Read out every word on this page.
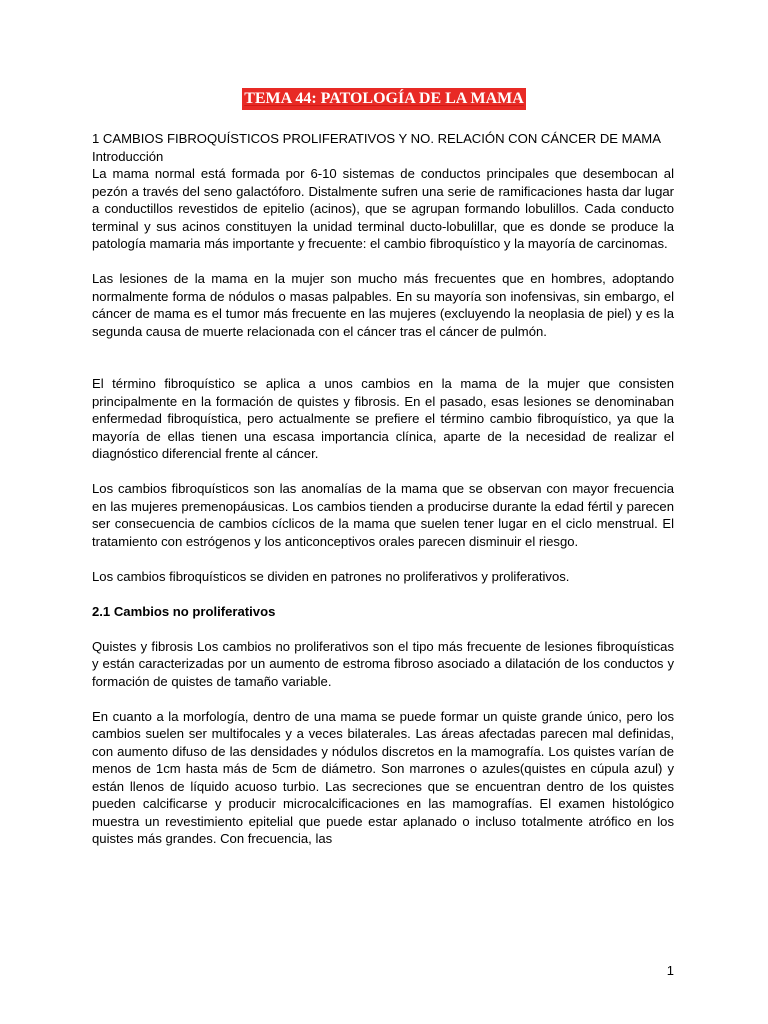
TEMA 44: PATOLOGÍA DE LA MAMA

1 CAMBIOS FIBROQUÍSTICOS PROLIFERATIVOS Y NO. RELACIÓN CON CÁNCER DE MAMA

Introducción

La mama normal está formada por 6-10 sistemas de conductos principales que desembocan al pezón a través del seno galactóforo. Distalmente sufren una serie de ramificaciones hasta dar lugar a conductillos revestidos de epitelio (acinos), que se agrupan formando lobulillos. Cada conducto terminal y sus acinos constituyen la unidad terminal ducto-lobulillar, que es donde se produce la patología mamaria más importante y frecuente: el cambio fibroquístico y la mayoría de carcinomas.

Las lesiones de la mama en la mujer son mucho más frecuentes que en hombres, adoptando normalmente forma de nódulos o masas palpables. En su mayoría son inofensivas, sin embargo, el cáncer de mama es el tumor más frecuente en las mujeres (excluyendo la neoplasia de piel) y es la segunda causa de muerte relacionada con el cáncer tras el cáncer de pulmón.

El término fibroquístico se aplica a unos cambios en la mama de la mujer que consisten principalmente en la formación de quistes y fibrosis. En el pasado, esas lesiones se denominaban enfermedad fibroquística, pero actualmente se prefiere el término cambio fibroquístico, ya que la mayoría de ellas tienen una escasa importancia clínica, aparte de la necesidad de realizar el diagnóstico diferencial frente al cáncer.

Los cambios fibroquísticos son las anomalías de la mama que se observan con mayor frecuencia en las mujeres premenopáusicas. Los cambios tienden a producirse durante la edad fértil y parecen ser consecuencia de cambios cíclicos de la mama que suelen tener lugar en el ciclo menstrual. El tratamiento con estrógenos y los anticonceptivos orales parecen disminuir el riesgo.

Los cambios fibroquísticos se dividen en patrones no proliferativos y proliferativos.

2.1 Cambios no proliferativos

Quistes y fibrosis Los cambios no proliferativos son el tipo más frecuente de lesiones fibroquísticas y están caracterizadas por un aumento de estroma fibroso asociado a dilatación de los conductos y formación de quistes de tamaño variable.

En cuanto a la morfología, dentro de una mama se puede formar un quiste grande único, pero los cambios suelen ser multifocales y a veces bilaterales. Las áreas afectadas parecen mal definidas, con aumento difuso de las densidades y nódulos discretos en la mamografía. Los quistes varían de menos de 1cm hasta más de 5cm de diámetro. Son marrones o azules(quistes en cúpula azul) y están llenos de líquido acuoso turbio. Las secreciones que se encuentran dentro de los quistes pueden calcificarse y producir microcalcificaciones en las mamografías. El examen histológico muestra un revestimiento epitelial que puede estar aplanado o incluso totalmente atrófico en los quistes más grandes. Con frecuencia, las

1
